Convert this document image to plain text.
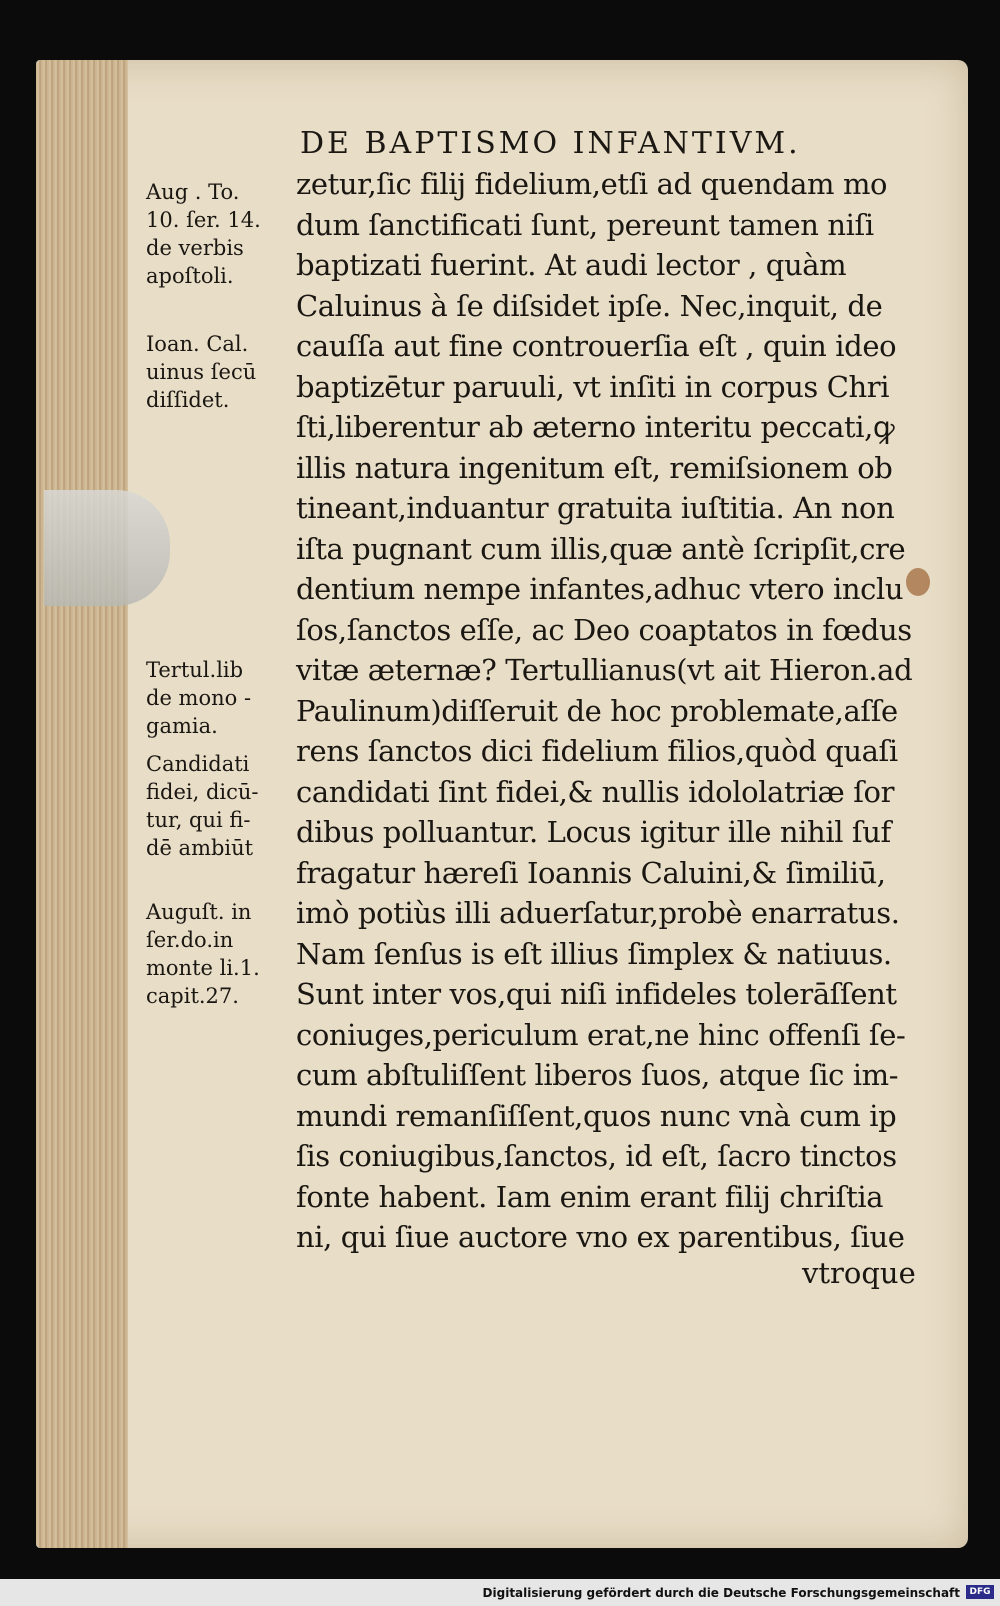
DE BAPTISMO INFANTIVM.
zetur,ſic filij fidelium,etſi ad quendam mo
dum ſanctificati ſunt, pereunt tamen niſi
baptizati fuerint. At audi lector , quàm
Caluinus à ſe diſsidet ipſe. Nec,inquit, de
cauſſa aut fine controuerſia eſt , quin ideo
baptizētur paruuli, vt inſiti in corpus Chri
ſti,liberentur ab æterno interitu peccati,ꝙ
illis natura ingenitum eſt, remiſsionem ob
tineant,induantur gratuita iuſtitia. An non
iſta pugnant cum illis,quæ antè ſcripſit,cre
dentium nempe infantes,adhuc vtero inclu
ſos,ſanctos eſſe, ac Deo coaptatos in fœdus
vitæ æternæ? Tertullianus(vt ait Hieron.ad
Paulinum)diſſeruit de hoc problemate,aſſe
rens ſanctos dici fidelium filios,quòd quaſi
candidati ſint fidei,& nullis idololatriæ ſor
dibus polluantur. Locus igitur ille nihil ſuf
fragatur hæreſi Ioannis Caluini,& ſimiliū,
imò potiùs illi aduerſatur,probè enarratus.
Nam ſenſus is eſt illius ſimplex & natiuus.
Sunt inter vos,qui niſi infideles tolerāſſent
coniuges,periculum erat,ne hinc offenſi ſe-
cum abſtuliſſent liberos ſuos, atque ſic im-
mundi remanſiſſent,quos nunc vnà cum ip
ſis coniugibus,ſanctos, id eſt, ſacro tinctos
fonte habent. Iam enim erant filij chriſtia
ni, qui ſiue auctore vno ex parentibus, ſiue
vtroque
Aug . To.
10. ſer. 14.
de verbis
apoſtoli.
Ioan. Cal.
uinus ſecū
diſſidet.
Tertul.lib
de mono -
gamia.
Candidati
fidei, dicū-
tur, qui fi-
dē ambiūt
Auguſt. in
ſer.do.in
monte li.1.
capit.27.
Digitalisierung gefördert durch die Deutsche Forschungsgemeinschaft	DFG
